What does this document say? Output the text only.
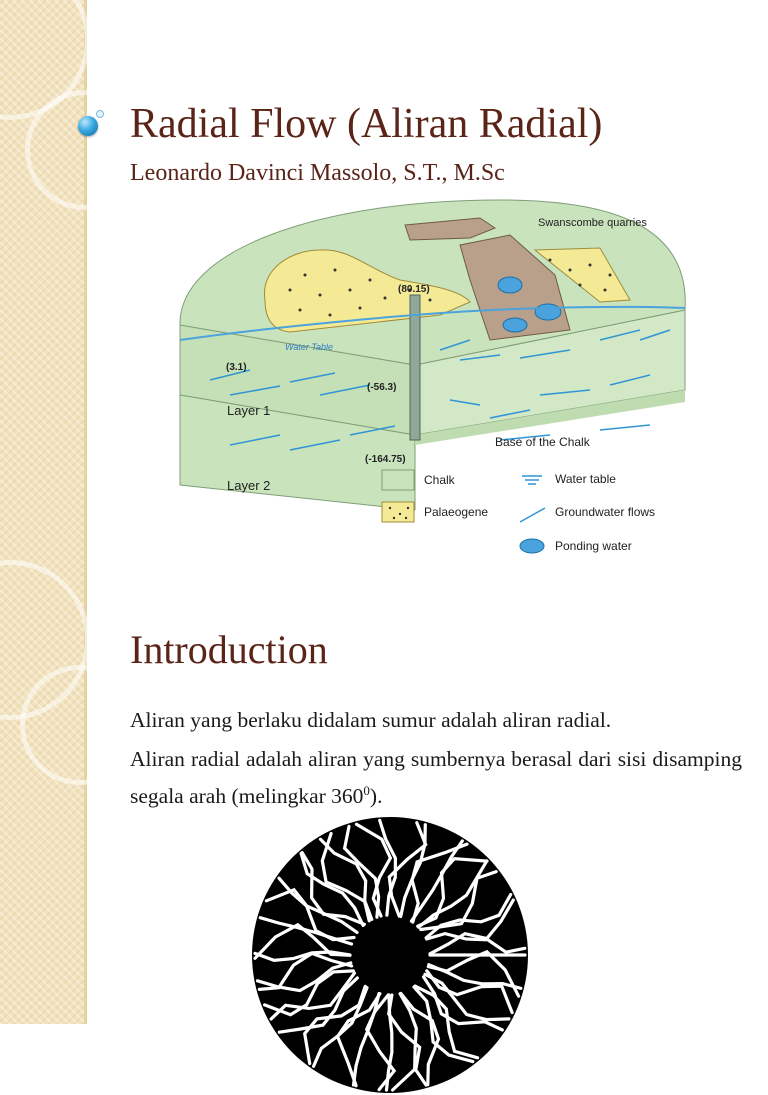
Radial Flow (Aliran Radial)
Leonardo Davinci Massolo, S.T., M.Sc
Swanscombe quarries
(80.15)
Water Table
(3.1)
(-56.3)
(-164.75)
Layer 1
Layer 2
Base of the Chalk
Chalk
Palaeogene
Water table
Groundwater flows
Ponding water
Introduction
Aliran yang berlaku didalam sumur adalah aliran radial.
Aliran radial adalah aliran yang sumbernya berasal dari sisi disamping segala arah (melingkar $360^0$).
